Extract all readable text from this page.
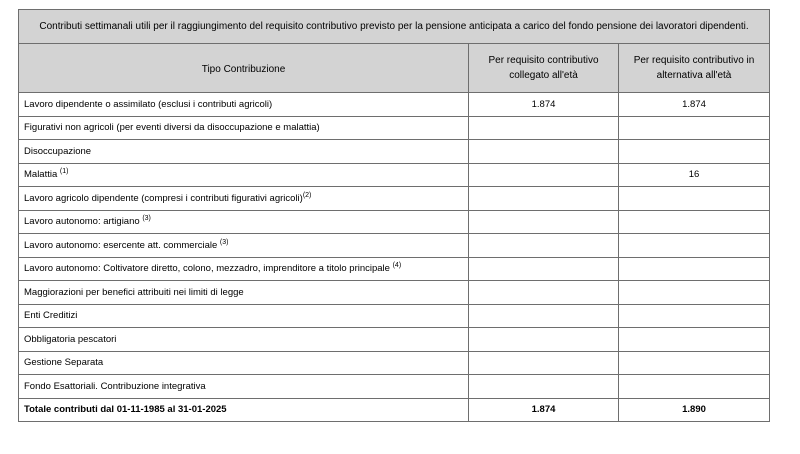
Contributi settimanali utili per il raggiungimento del requisito contributivo previsto per la pensione anticipata a carico del fondo pensione dei lavoratori dipendenti.		
Tipo Contribuzione	Per requisito contributivo collegato all'età	Per requisito contributivo in alternativa all'età
Lavoro dipendente o assimilato (esclusi i contributi agricoli)	1.874	1.874
Figurativi non agricoli (per eventi diversi da disoccupazione e malattia)		
Disoccupazione		
Malattia $^{(1)}$		16
Lavoro agricolo dipendente (compresi i contributi figurativi agricoli)$^{(2)}$		
Lavoro autonomo: artigiano $^{(3)}$		
Lavoro autonomo: esercente att. commerciale $^{(3)}$		
Lavoro autonomo: Coltivatore diretto, colono, mezzadro, imprenditore a titolo principale $^{(4)}$		
Maggiorazioni per benefici attribuiti nei limiti di legge		
Enti Creditizi		
Obbligatoria pescatori		
Gestione Separata		
Fondo Esattoriali. Contribuzione integrativa		
Totale contributi dal 01-11-1985 al 31-01-2025	1.874	1.890
